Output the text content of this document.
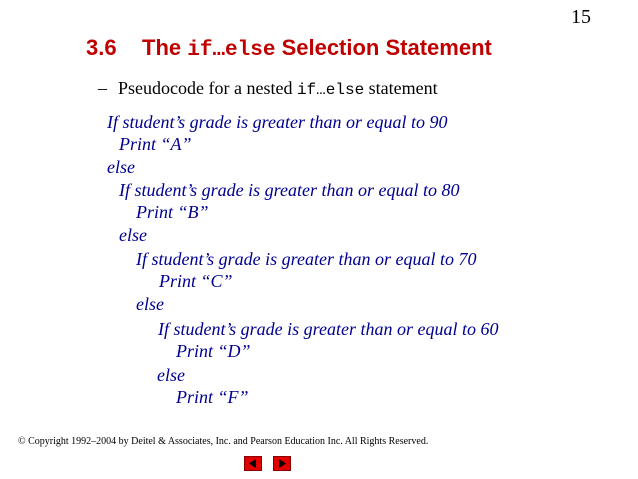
15
3.6 The if…else Selection Statement
– Pseudocode for a nested if…else statement
If student’s grade is greater than or equal to 90
Print “A”
else
If student’s grade is greater than or equal to 80
Print “B”
else
If student’s grade is greater than or equal to 70
Print “C”
else
If student’s grade is greater than or equal to 60
Print “D”
else
Print “F”
© Copyright 1992–2004 by Deitel & Associates, Inc. and Pearson Education Inc. All Rights Reserved.
